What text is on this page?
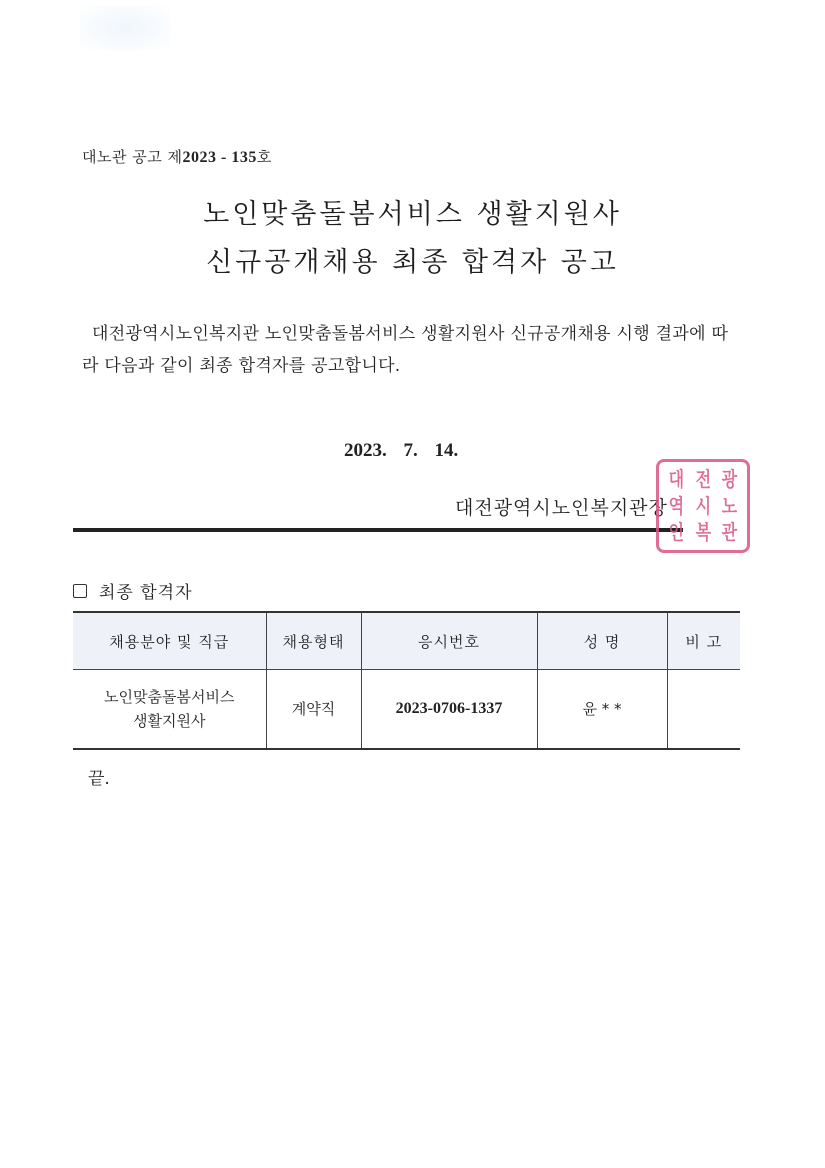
대노관 공고 제2023 - 135호
노인맞춤돌봄서비스 생활지원사
신규공개채용 최종 합격자 공고
대전광역시노인복지관 노인맞춤돌봄서비스 생활지원사 신규공개채용 시행 결과에 따라 다음과 같이 최종 합격자를 공고합니다.
2023. 7. 14.
대전광역시노인복지관장
대 전 광
역 시 노
인 복 관
최종 합격자
채용분야 및 직급	채용형태	응시번호	성 명	비 고

노인맞춤돌봄서비스
생활지원사	계약직	2023-0706-1337	윤 * *	
끝.
